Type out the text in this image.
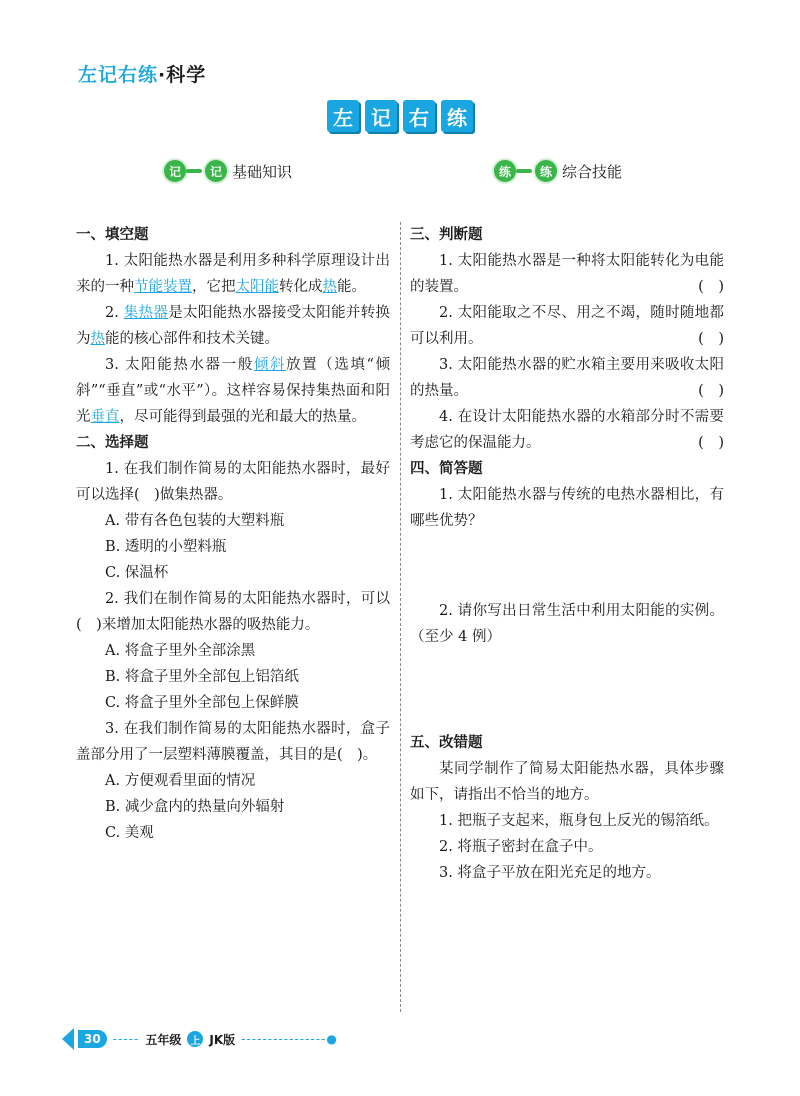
左记右练·科学
左 记 右 练
记	记 基础知识	练	练 综合技能

一、填空题

1. 太阳能热水器是利用多种科学原理设计出来的一种节能装置，它把太阳能转化成热能。

2. 集热器是太阳能热水器接受太阳能并转换为热能的核心部件和技术关键。

3. 太阳能热水器一般倾斜放置（选填“倾斜”“垂直”或“水平”）。这样容易保持集热面和阳光垂直，尽可能得到最强的光和最大的热量。

二、选择题

1. 在我们制作简易的太阳能热水器时，最好可以选择(　)做集热器。

A. 带有各色包装的大塑料瓶

B. 透明的小塑料瓶

C. 保温杯

2. 我们在制作简易的太阳能热水器时，可以(　)来增加太阳能热水器的吸热能力。

A. 将盒子里外全部涂黑

B. 将盒子里外全部包上铝箔纸

C. 将盒子里外全部包上保鲜膜

3. 在我们制作简易的太阳能热水器时，盒子盖部分用了一层塑料薄膜覆盖，其目的是(　)。

A. 方便观看里面的情况

B. 减少盒内的热量向外辐射

C. 美观

三、判断题

1. 太阳能热水器是一种将太阳能转化为电能的装置。	(　)

2. 太阳能取之不尽、用之不竭，随时随地都可以利用。	(　)

3. 太阳能热水器的贮水箱主要用来吸收太阳的热量。	(　)

4. 在设计太阳能热水器的水箱部分时不需要考虑它的保温能力。	(　)

四、简答题

1. 太阳能热水器与传统的电热水器相比，有哪些优势？

2. 请你写出日常生活中利用太阳能的实例。（至少 4 例）

五、改错题

某同学制作了简易太阳能热水器，具体步骤如下，请指出不恰当的地方。

1. 把瓶子支起来，瓶身包上反光的锡箔纸。

2. 将瓶子密封在盒子中。

3. 将盒子平放在阳光充足的地方。

30	----- 五年级 上 JK版 ----------------●
